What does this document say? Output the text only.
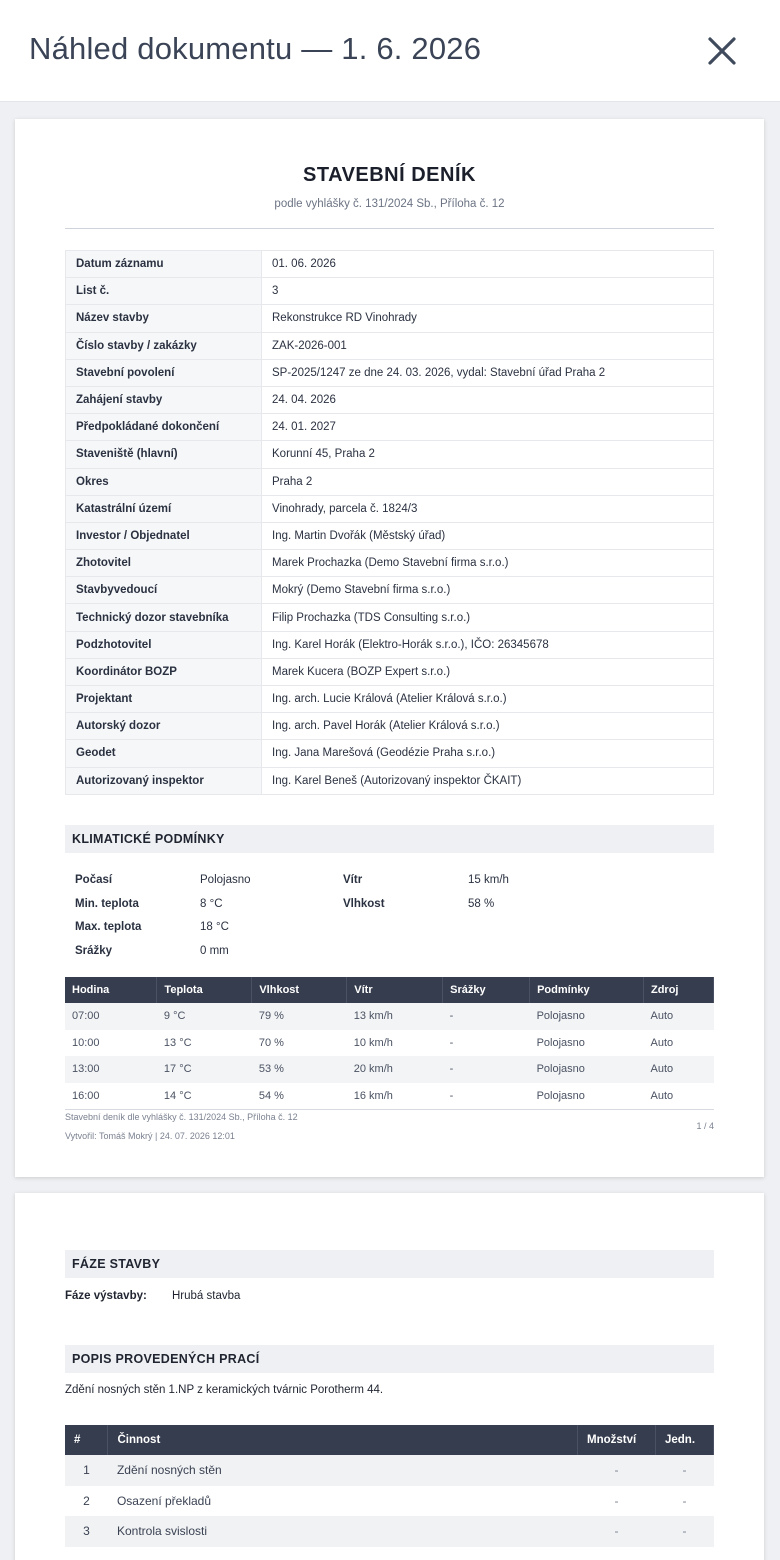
Náhled dokumentu — 1. 6. 2026
STAVEBNÍ DENÍK
podle vyhlášky č. 131/2024 Sb., Příloha č. 12
Datum záznamu	01. 06. 2026
List č.	3
Název stavby	Rekonstrukce RD Vinohrady
Číslo stavby / zakázky	ZAK-2026-001
Stavební povolení	SP-2025/1247 ze dne 24. 03. 2026, vydal: Stavební úřad Praha 2
Zahájení stavby	24. 04. 2026
Předpokládané dokončení	24. 01. 2027
Staveniště (hlavní)	Korunní 45, Praha 2
Okres	Praha 2
Katastrální území	Vinohrady, parcela č. 1824/3
Investor / Objednatel	Ing. Martin Dvořák (Městský úřad)
Zhotovitel	Marek Prochazka (Demo Stavební firma s.r.o.)
Stavbyvedoucí	Mokrý (Demo Stavební firma s.r.o.)
Technický dozor stavebníka	Filip Prochazka (TDS Consulting s.r.o.)
Podzhotovitel	Ing. Karel Horák (Elektro-Horák s.r.o.), IČO: 26345678
Koordinátor BOZP	Marek Kucera (BOZP Expert s.r.o.)
Projektant	Ing. arch. Lucie Králová (Atelier Králová s.r.o.)
Autorský dozor	Ing. arch. Pavel Horák (Atelier Králová s.r.o.)
Geodet	Ing. Jana Marešová (Geodézie Praha s.r.o.)
Autorizovaný inspektor	Ing. Karel Beneš (Autorizovaný inspektor ČKAIT)
KLIMATICKÉ PODMÍNKY
Počasí	Polojasno	Vítr	15 km/h
Min. teplota	8 °C	Vlhkost	58 %
Max. teplota	18 °C
Srážky	0 mm
Hodina	Teplota	Vlhkost	Vítr	Srážky	Podmínky	Zdroj
07:00	9 °C	79 %	13 km/h	-	Polojasno	Auto
10:00	13 °C	70 %	10 km/h	-	Polojasno	Auto
13:00	17 °C	53 %	20 km/h	-	Polojasno	Auto
16:00	14 °C	54 %	16 km/h	-	Polojasno	Auto
Stavební deník dle vyhlášky č. 131/2024 Sb., Příloha č. 12
Vytvořil: Tomáš Mokrý | 24. 07. 2026 12:01
1 / 4
FÁZE STAVBY
Fáze výstavby: Hrubá stavba
POPIS PROVEDENÝCH PRACÍ
Zdění nosných stěn 1.NP z keramických tvárnic Porotherm 44.
#	Činnost	Množství	Jedn.
1	Zdění nosných stěn	-	-
2	Osazení překladů	-	-
3	Kontrola svislosti	-	-
